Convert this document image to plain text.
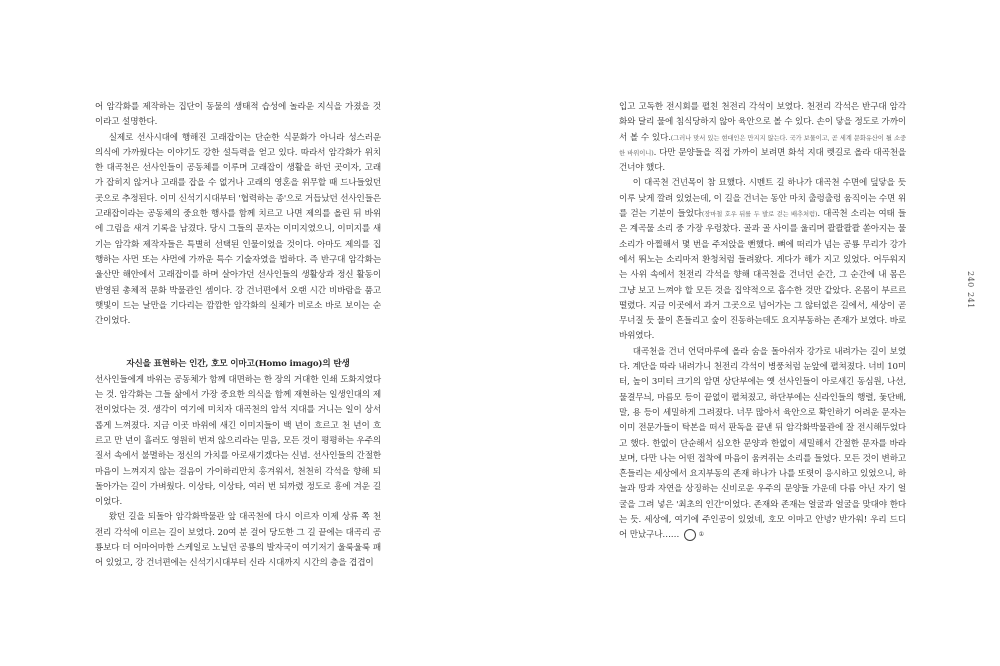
어 암각화를 제작하는 집단이 동물의 생태적 습성에 놀라운 지식을 가졌을 것이라고 설명한다.

실제로 선사시대에 행해진 고래잡이는 단순한 식문화가 아니라 성스러운 의식에 가까웠다는 이야기도 강한 설득력을 얻고 있다. 따라서 암각화가 위치한 대곡천은 선사인들이 공동체를 이루며 고래잡이 생활을 하던 곳이자, 고래가 잡히지 않거나 고래를 잡을 수 없거나 고래의 영혼을 위무할 때 드나들었던 곳으로 추정된다. 이미 신석기시대부터 '협력하는 종'으로 거듭났던 선사인들은 고래잡이라는 공동체의 중요한 행사를 함께 치르고 나면 제의를 올린 뒤 바위에 그림을 새겨 기록을 남겼다. 당시 그들의 문자는 이미지였으니, 이미지를 새기는 암각화 제작자들은 특별히 선택된 인물이었을 것이다. 아마도 제의를 집행하는 사먼 또는 샤먼에 가까운 특수 기술자였을 법하다. 즉 반구대 암각화는 울산만 해안에서 고래잡이를 하며 살아가던 선사인들의 생활상과 정신 활동이 반영된 총체적 문화 박물관인 셈이다. 강 건너편에서 오랜 시간 비바람을 품고 햇빛이 드는 날만을 기다리는 깜깜한 암각화의 실체가 비로소 바로 보이는 순간이었다.

자신을 표현하는 인간, 호모 이마고(Homo imago)의 탄생

선사인들에게 바위는 공동체가 함께 대면하는 한 장의 거대한 인쇄 도화지였다는 것. 암각화는 그들 삶에서 가장 중요한 의식을 함께 재현하는 일생인대의 제전이었다는 것. 생각이 여기에 미치자 대곡천의 암석 지대를 거니는 일이 상서롭게 느껴졌다. 지금 이곳 바위에 새긴 이미지들이 백 년이 흐르고 천 년이 흐르고 만 년이 흘러도 영원히 번져 않으리라는 믿음, 모든 것이 평평하는 우주의 질서 속에서 불멸하는 정신의 가치를 아로새기겠다는 신념. 선사인들의 간절한 마음이 느껴지지 않는 걸음이 가이하리만치 홍겨워서, 천천히 각석을 향해 되돌아가는 길이 가벼웠다. 이상타, 이상타, 여러 번 되까렸 정도로 흥에 겨운 길이었다.

왔던 길을 되돌아 암각화박물관 앞 대곡천에 다시 이르자 이제 상류 쪽 천전리 각석에 이르는 길이 보였다. 20여 분 걸어 당도한 그 길 끝에는 대곡리 공룡보다 더 어마어마한 스케일로 노닐던 공룡의 발자국이 여기저기 울룩울룩 패어 있었고, 강 건너편에는 신석기시대부터 신라 시대까지 시간의 층을 겹겹이

입고 고독한 전시회를 펼친 천전리 각석이 보였다. 천전리 각석은 반구대 암각화와 달리 물에 침식당하지 않아 육안으로 볼 수 있다. 손이 닿을 정도로 가까이서 볼 수 있다.(그러나 맞서 있는 현대인은 만지지 않는다. 국가 보물이고, 곧 세계 문화유산이 될 소중한 바위이니). 다만 문양들을 직접 가까이 보려면 화석 지대 렛길로 올라 대곡천을 건너야 했다.

이 대곡천 건넌목이 참 묘했다. 시멘트 길 하나가 대곡천 수면에 덮닿을 듯이루 낮게 깔려 있었는데, 이 길을 건너는 동안 마치 출렁출렁 움직이는 수면 위를 걷는 기분이 들었다(장마철 호우 뒤를 두 발로 걷는 배추처럼). 대곡천 소리는 여태 들은 계곡물 소리 중 가장 우렁찼다. 골과 골 사이를 울리며 콸콸콸콸 쏟아지는 물소리가 아찔해서 몇 번을 주저앉을 뻔했다. 뼈에 떠리가 넘는 공룡 무리가 강가에서 뛰노는 소리마저 환청처럼 들려왔다. 게다가 해가 지고 있었다. 어두워지는 사위 속에서 천전리 각석을 향해 대곡천을 건너던 순간, 그 순간에 내 몸은 그냥 보고 느껴야 할 모든 것을 집약적으로 흡수한 것만 같았다. 온몸이 부르르 떨렸다. 지금 이곳에서 과거 그곳으로 넘어가는 그 않터없은 길에서, 세상이 곧 무너질 듯 물이 흔들리고 숲이 진동하는데도 요지부동하는 존재가 보였다. 바로 바위였다.

대곡천을 건너 언덕마루에 올라 숨을 돌아쉬자 강가로 내려가는 길이 보였다. 계단을 따라 내려가니 천전리 각석이 병풍처럼 눈앞에 펼쳐졌다. 너비 10미터, 높이 3미터 크기의 암면 상단부에는 옛 선사인들이 아로새긴 동심원, 나선, 물결무늬, 마름모 등이 끝없이 펼쳐졌고, 하단부에는 신라인들의 행렬, 돛단배, 말, 용 등이 세밀하게 그려졌다. 너무 많아서 육안으로 확인하기 어려운 문자는 이미 전문가들이 탁본을 떠서 판독을 끝낸 뒤 암각화박물관에 잘 전시해두었다고 했다. 한없이 단순해서 심오한 문양과 한없이 세밀해서 간절한 문자를 바라보며, 다만 나는 어떤 접착에 마음이 움켜쥐는 소리를 들었다. 모든 것이 변하고 흔들리는 세상에서 요지부동의 존재 하나가 나를 또렷이 응시하고 있었으니, 하늘과 땅과 자연을 상징하는 신비로운 우주의 문양들 가운데 다름 아닌 자기 얼굴을 그려 넣은 '최초의 인간'이었다. 존재와 존재는 얼굴과 얼굴을 맞대야 한다는 듯. 세상에, 여기에 주인공이 있었네, 호모 이마고 안녕? 반가워! 우리 드디어 만났구나……	①

240
241
